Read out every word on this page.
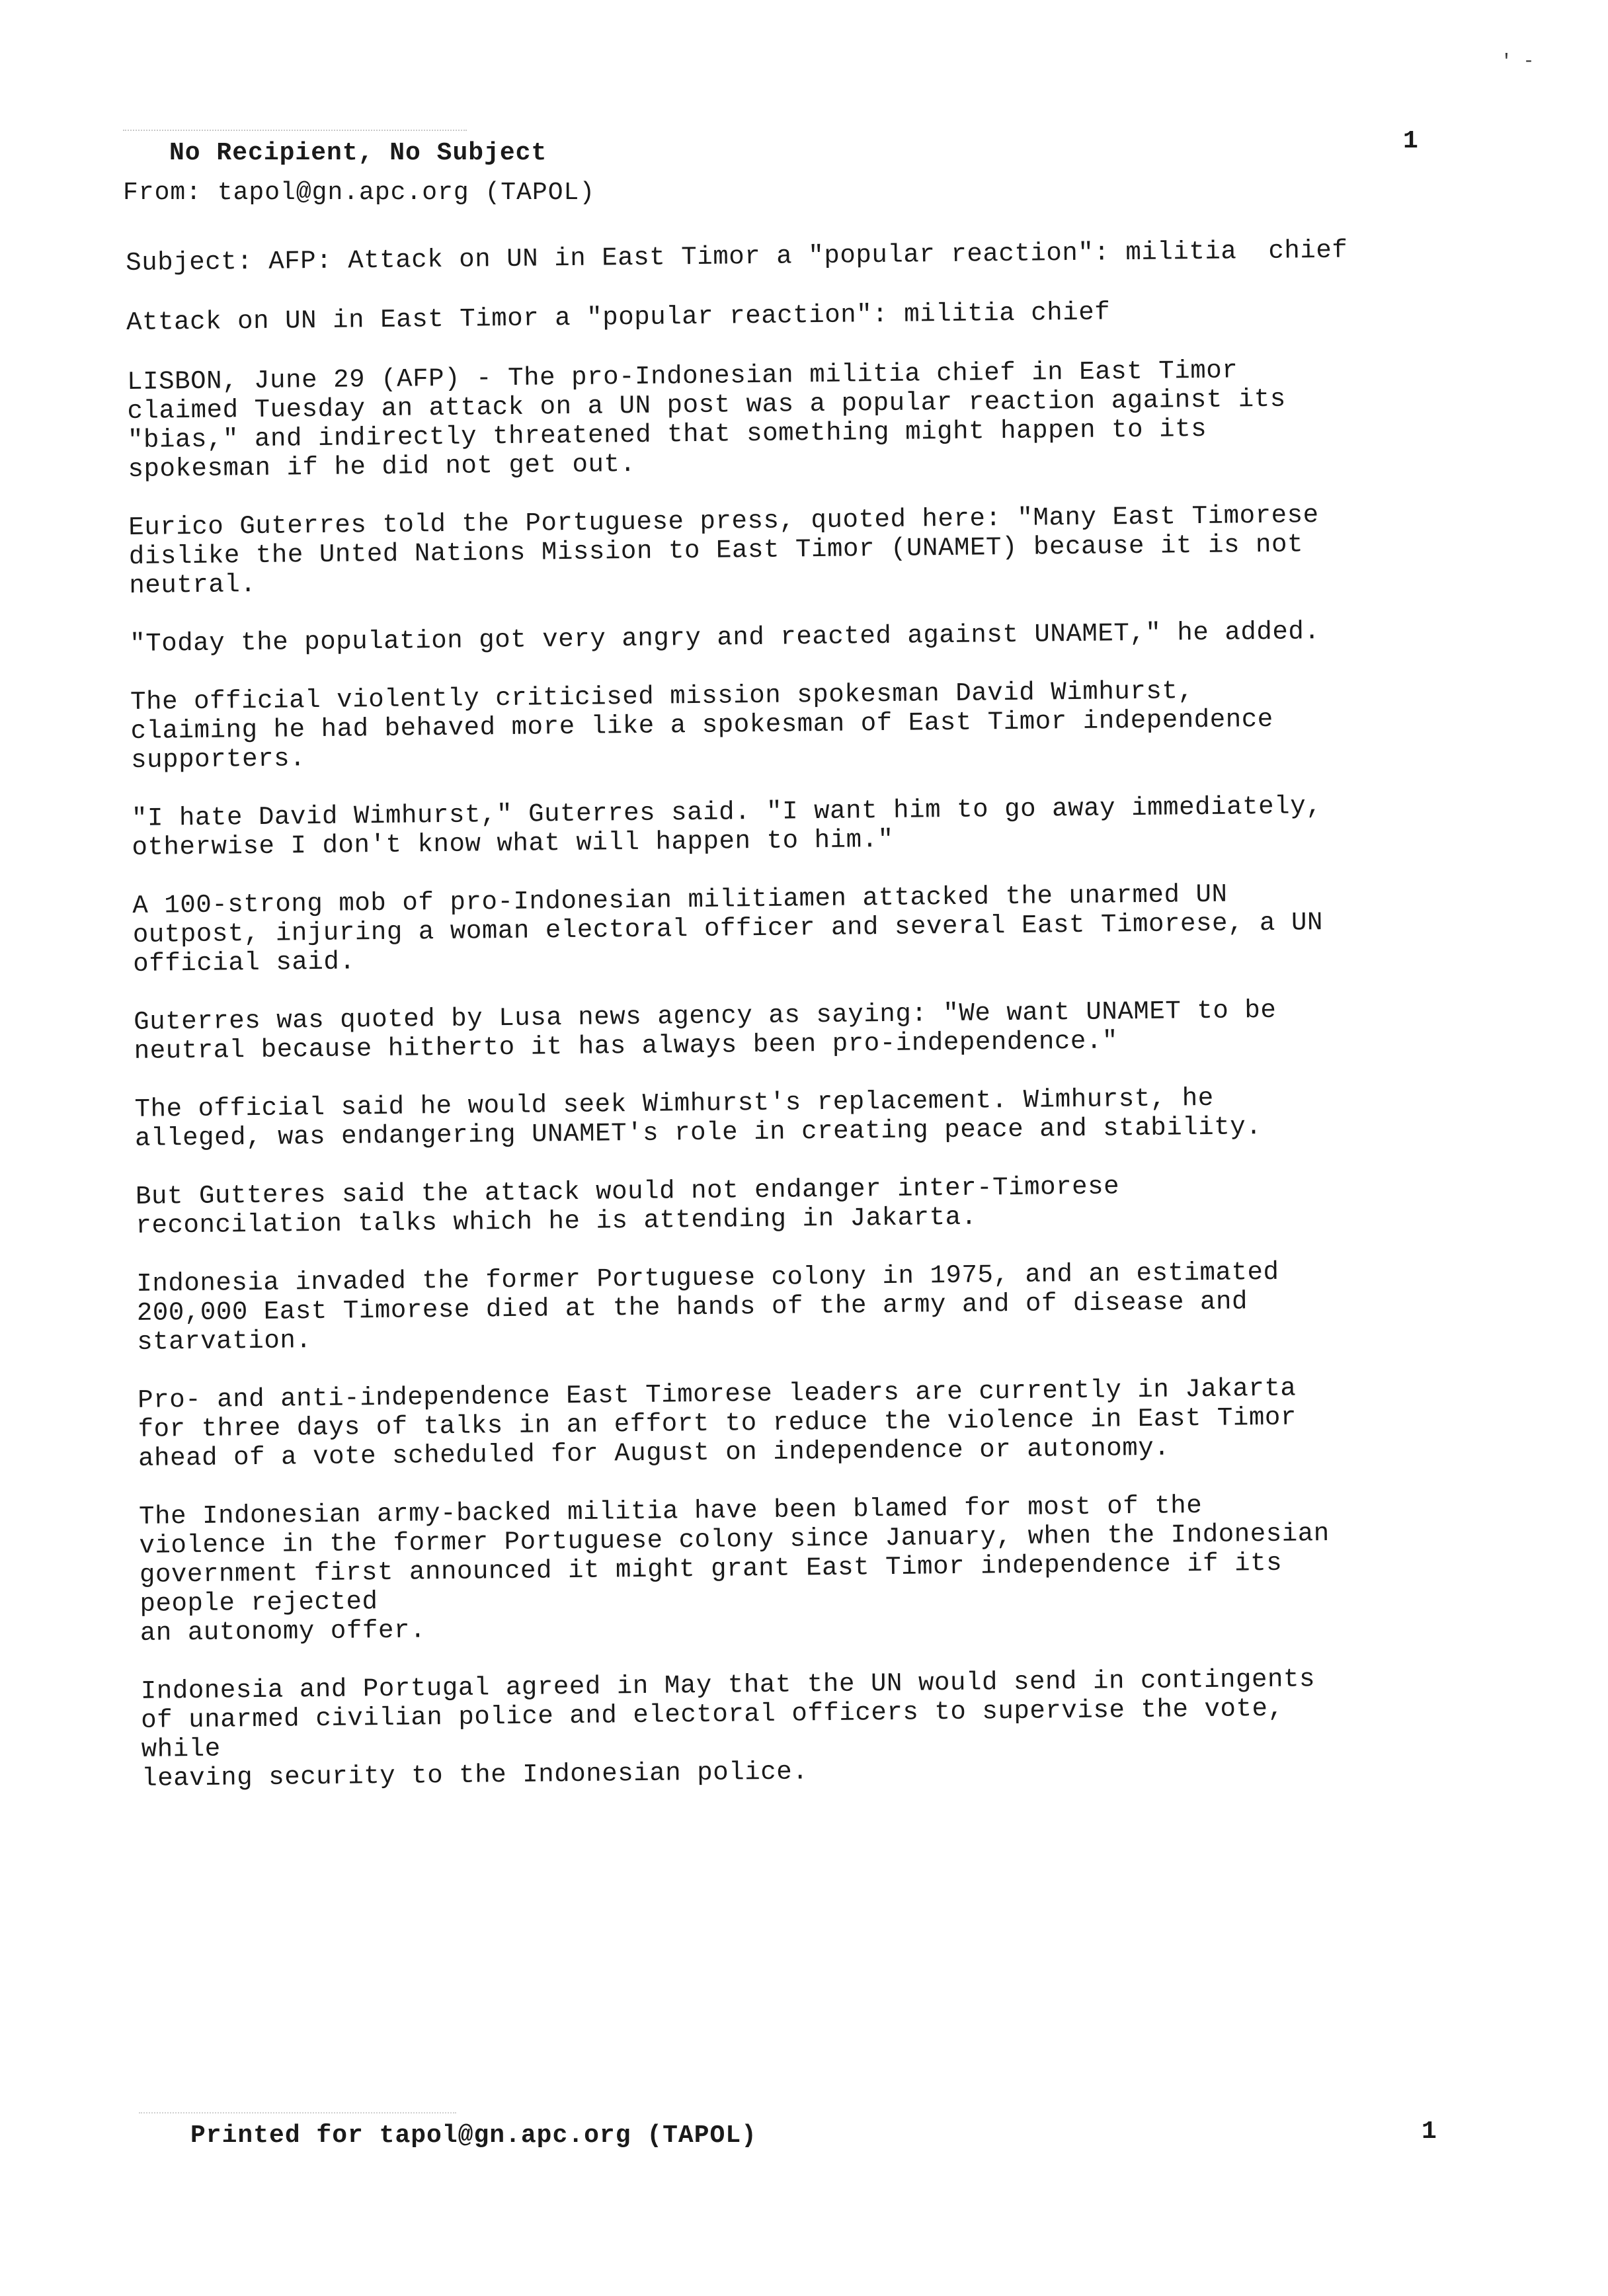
' -
No Recipient, No Subject
From: tapol@gn.apc.org (TAPOL)
1
Subject: AFP: Attack on UN in East Timor a "popular reaction": militia  chief
Attack on UN in East Timor a "popular reaction": militia chief
LISBON, June 29 (AFP) - The pro-Indonesian militia chief in East Timor
claimed Tuesday an attack on a UN post was a popular reaction against its
"bias," and indirectly threatened that something might happen to its
spokesman if he did not get out.
Eurico Guterres told the Portuguese press, quoted here: "Many East Timorese
dislike the Unted Nations Mission to East Timor (UNAMET) because it is not
neutral.
"Today the population got very angry and reacted against UNAMET," he added.
The official violently criticised mission spokesman David Wimhurst,
claiming he had behaved more like a spokesman of East Timor independence
supporters.
"I hate David Wimhurst," Guterres said. "I want him to go away immediately,
otherwise I don't know what will happen to him."
A 100-strong mob of pro-Indonesian militiamen attacked the unarmed UN
outpost, injuring a woman electoral officer and several East Timorese, a UN
official said.
Guterres was quoted by Lusa news agency as saying: "We want UNAMET to be
neutral because hitherto it has always been pro-independence."
The official said he would seek Wimhurst's replacement. Wimhurst, he
alleged, was endangering UNAMET's role in creating peace and stability.
But Gutteres said the attack would not endanger inter-Timorese
reconcilation talks which he is attending in Jakarta.
Indonesia invaded the former Portuguese colony in 1975, and an estimated
200,000 East Timorese died at the hands of the army and of disease and
starvation.
Pro- and anti-independence East Timorese leaders are currently in Jakarta
for three days of talks in an effort to reduce the violence in East Timor
ahead of a vote scheduled for August on independence or autonomy.
The Indonesian army-backed militia have been blamed for most of the
violence in the former Portuguese colony since January, when the Indonesian
government first announced it might grant East Timor independence if its
people rejected
an autonomy offer.
Indonesia and Portugal agreed in May that the UN would send in contingents
of unarmed civilian police and electoral officers to supervise the vote,
while
leaving security to the Indonesian police.
Printed for tapol@gn.apc.org (TAPOL)	1
